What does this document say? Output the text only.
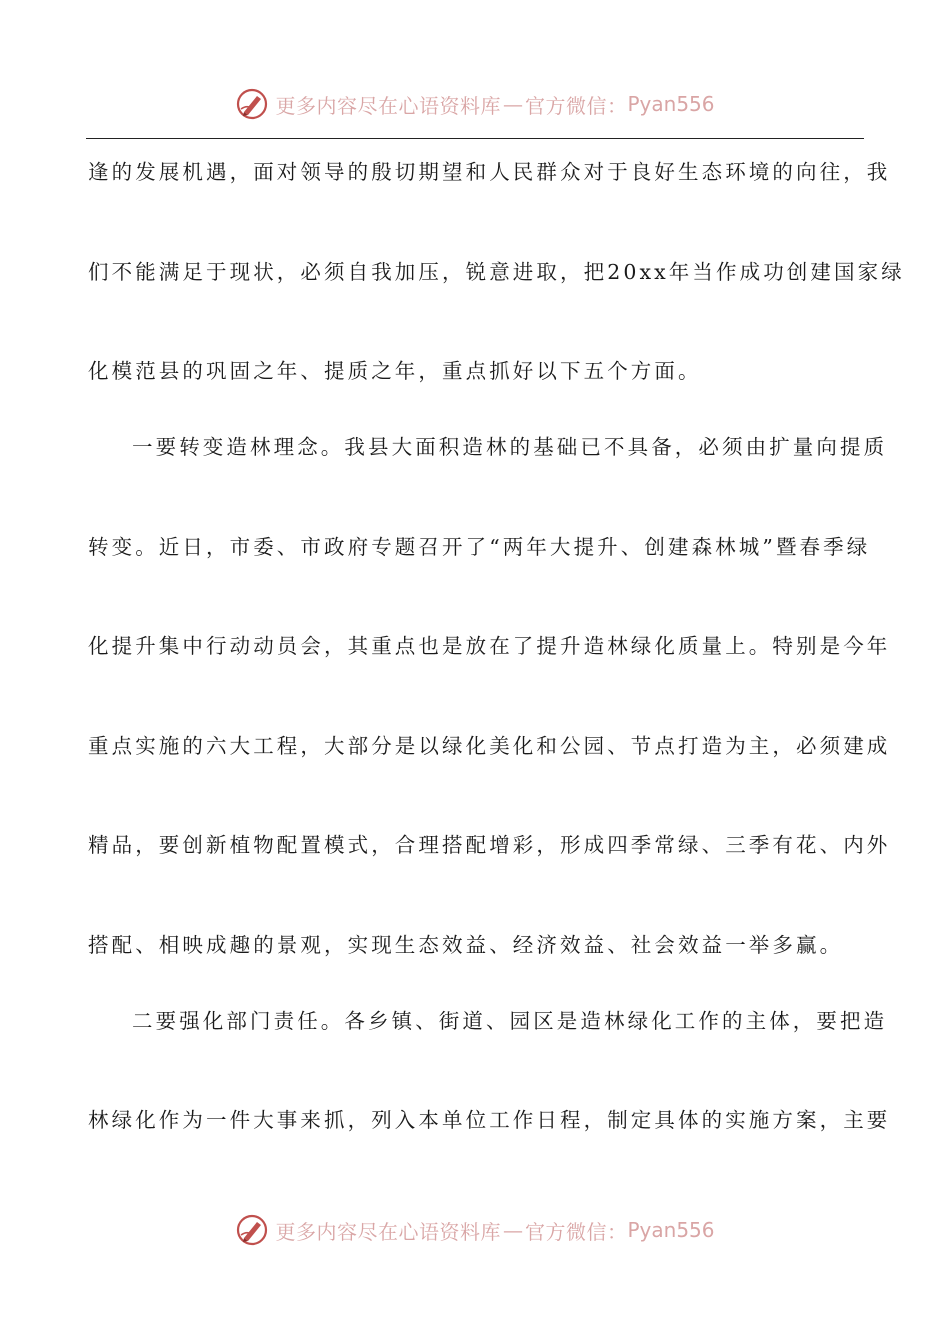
更多内容尽在心语资料库 — 官方微信： Pyan556
逢的发展机遇，面对领导的殷切期望和人民群众对于良好生态环境的向往，我
们不能满足于现状，必须自我加压，锐意进取，把20xx年当作成功创建国家绿
化模范县的巩固之年、提质之年，重点抓好以下五个方面。
一要转变造林理念。我县大面积造林的基础已不具备，必须由扩量向提质
转变。近日，市委、市政府专题召开了“两年大提升、创建森林城”暨春季绿
化提升集中行动动员会，其重点也是放在了提升造林绿化质量上。特别是今年
重点实施的六大工程，大部分是以绿化美化和公园、节点打造为主，必须建成
精品，要创新植物配置模式，合理搭配增彩，形成四季常绿、三季有花、内外
搭配、相映成趣的景观，实现生态效益、经济效益、社会效益一举多赢。
二要强化部门责任。各乡镇、街道、园区是造林绿化工作的主体，要把造
林绿化作为一件大事来抓，列入本单位工作日程，制定具体的实施方案，主要
更多内容尽在心语资料库 — 官方微信： Pyan556
